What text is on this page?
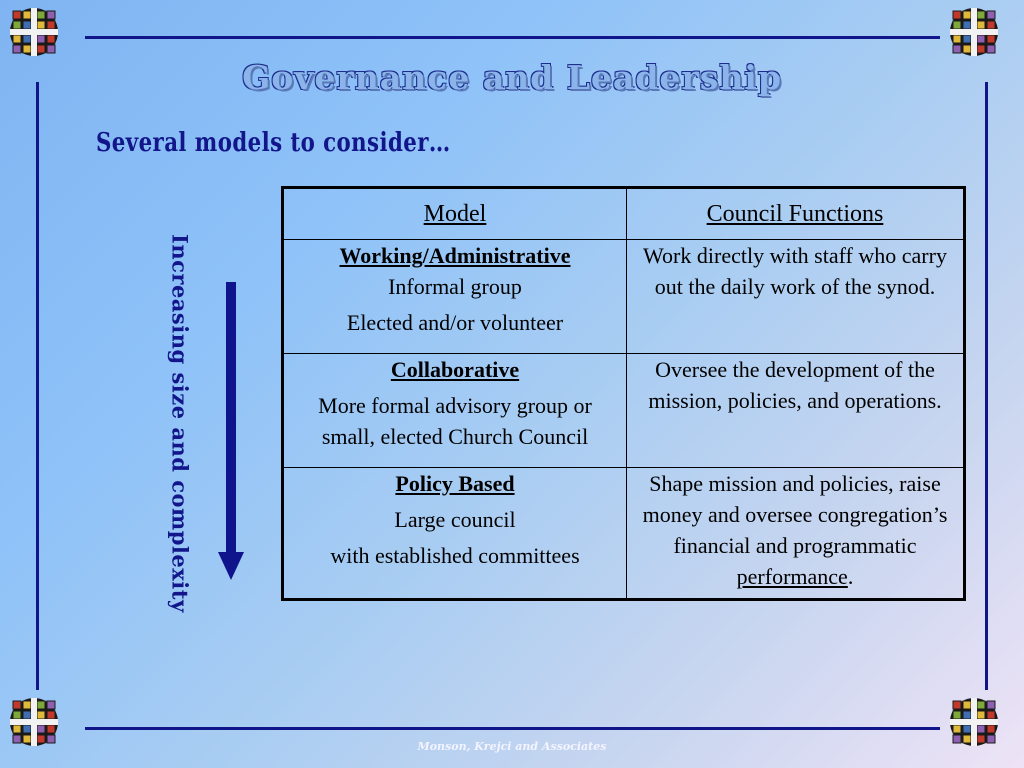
Governance and Leadership
Several models to consider…
Increasing size and complexity
Model	Council Functions

Working/Administrative
Informal group
Elected and/or volunteer	Work directly with staff who carry out the daily work of the synod.

Collaborative
More formal advisory group or small, elected Church Council	Oversee the development of the mission, policies, and operations.

Policy Based
Large council
with established committees	Shape mission and policies, raise money and oversee congregation’s financial and programmatic performance.
Monson, Krejci and Associates
